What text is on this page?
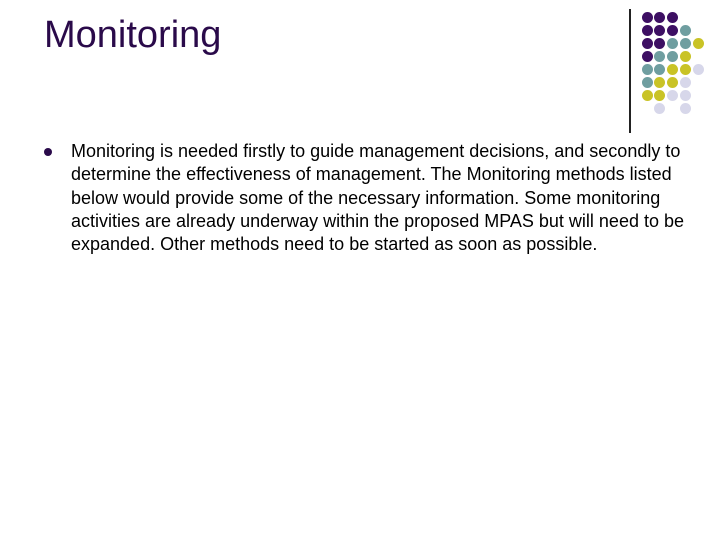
Monitoring
Monitoring is needed firstly to guide management decisions, and secondly to determine the effectiveness of management. The Monitoring methods listed below would provide some of the necessary information. Some monitoring activities are already underway within the proposed MPAS but will need to be expanded. Other methods need to be started as soon as possible.
